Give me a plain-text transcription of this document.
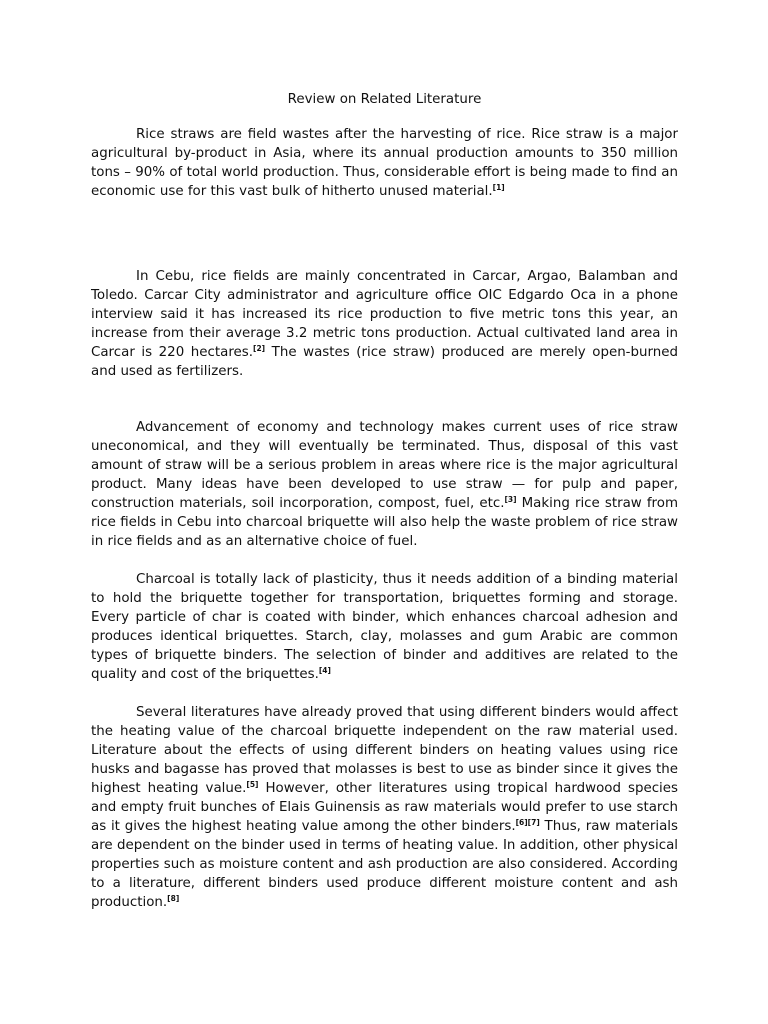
Review on Related Literature

Rice straws are field wastes after the harvesting of rice. Rice straw is a major agricultural by-product in Asia, where its annual production amounts to 350 million tons – 90% of total world production. Thus, considerable effort is being made to find an economic use for this vast bulk of hitherto unused material.[1]

In Cebu, rice fields are mainly concentrated in Carcar, Argao, Balamban and Toledo. Carcar City administrator and agriculture office OIC Edgardo Oca in a phone interview said it has increased its rice production to five metric tons this year, an increase from their average 3.2 metric tons production. Actual cultivated land area in Carcar is 220 hectares.[2] The wastes (rice straw) produced are merely open-burned and used as fertilizers.

Advancement of economy and technology makes current uses of rice straw uneconomical, and they will eventually be terminated. Thus, disposal of this vast amount of straw will be a serious problem in areas where rice is the major agricultural product. Many ideas have been developed to use straw — for pulp and paper, construction materials, soil incorporation, compost, fuel, etc.[3] Making rice straw from rice fields in Cebu into charcoal briquette will also help the waste problem of rice straw in rice fields and as an alternative choice of fuel.

Charcoal is totally lack of plasticity, thus it needs addition of a binding material to hold the briquette together for transportation, briquettes forming and storage. Every particle of char is coated with binder, which enhances charcoal adhesion and produces identical briquettes. Starch, clay, molasses and gum Arabic are common types of briquette binders. The selection of binder and additives are related to the quality and cost of the briquettes.[4]

Several literatures have already proved that using different binders would affect the heating value of the charcoal briquette independent on the raw material used. Literature about the effects of using different binders on heating values using rice husks and bagasse has proved that molasses is best to use as binder since it gives the highest heating value.[5] However, other literatures using tropical hardwood species and empty fruit bunches of Elais Guinensis as raw materials would prefer to use starch as it gives the highest heating value among the other binders.[6][7] Thus, raw materials are dependent on the binder used in terms of heating value. In addition, other physical properties such as moisture content and ash production are also considered. According to a literature, different binders used produce different moisture content and ash production.[8]
